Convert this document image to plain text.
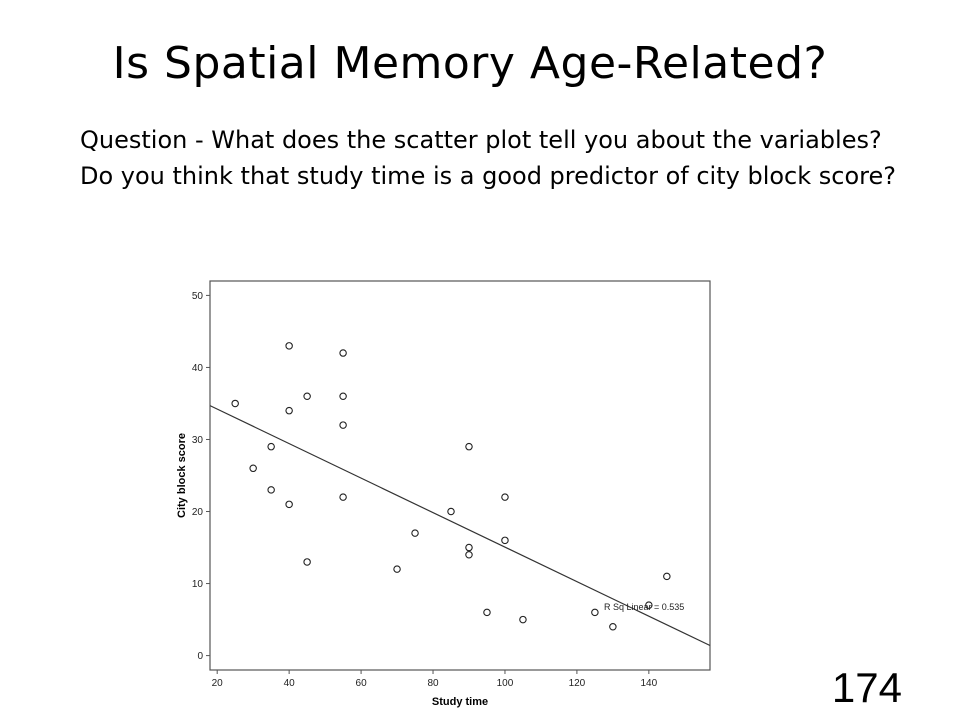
Is Spatial Memory Age-Related?

Question - What does the scatter plot tell you about the variables? Do you think that study time is a good predictor of city block score?

0
10
20
30
40
50
20	40	60	80	100	120	140
R Sq Linear = 0.535
Study time
City block score
174
